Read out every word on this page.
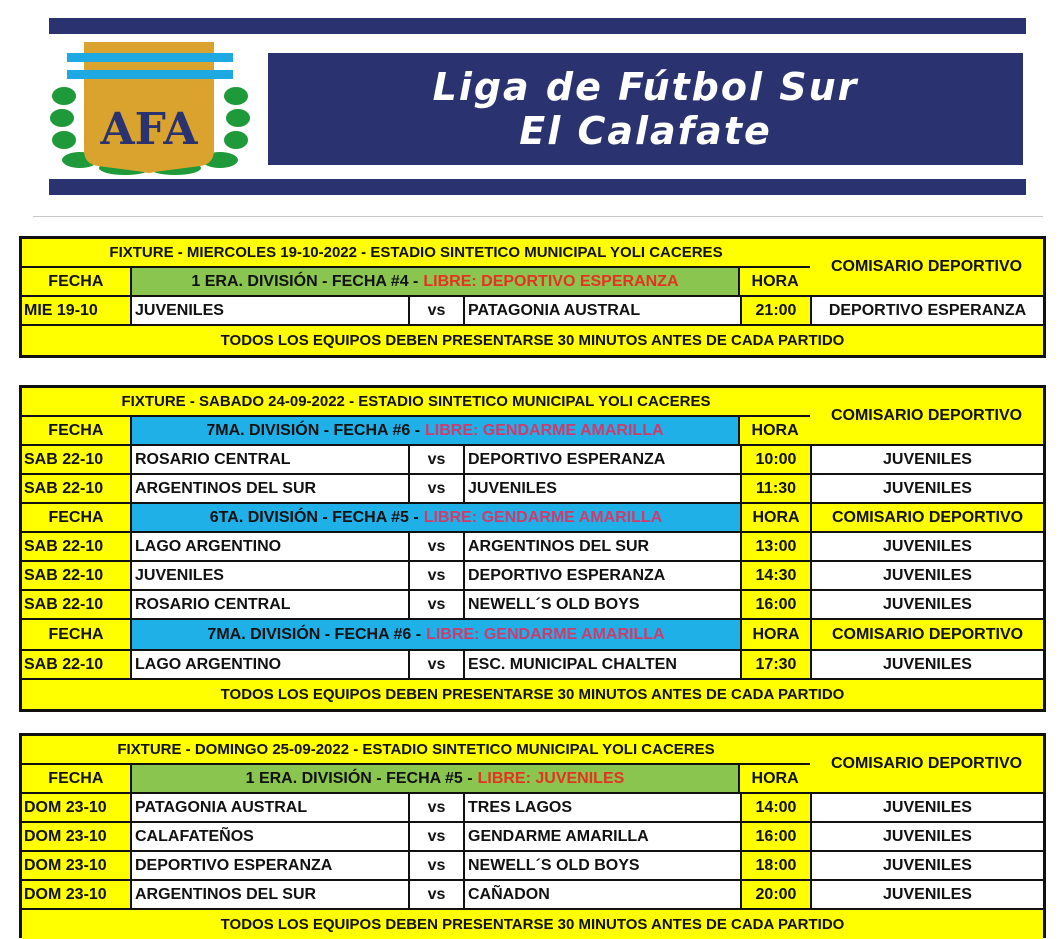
AFA
Liga de Fútbol Sur
El Calafate
FIXTURE - MIERCOLES 19-10-2022 - ESTADIO SINTETICO MUNICIPAL YOLI CACERES
FECHA	1 ERA. DIVISIÓN - FECHA #4 - LIBRE: DEPORTIVO ESPERANZA	HORA
COMISARIO DEPORTIVO
MIE 19-10	JUVENILES	vs	PATAGONIA AUSTRAL	21:00	DEPORTIVO ESPERANZA
TODOS LOS EQUIPOS DEBEN PRESENTARSE 30 MINUTOS ANTES DE CADA PARTIDO
FIXTURE - SABADO 24-09-2022 - ESTADIO SINTETICO MUNICIPAL YOLI CACERES
FECHA	7MA. DIVISIÓN - FECHA #6 - LIBRE: GENDARME AMARILLA	HORA
COMISARIO DEPORTIVO
SAB 22-10	ROSARIO CENTRAL	vs	DEPORTIVO ESPERANZA	10:00	JUVENILES
SAB 22-10	ARGENTINOS DEL SUR	vs	JUVENILES	11:30	JUVENILES
FECHA	6TA. DIVISIÓN - FECHA #5 - LIBRE: GENDARME AMARILLA	HORA	COMISARIO DEPORTIVO
SAB 22-10	LAGO ARGENTINO	vs	ARGENTINOS DEL SUR	13:00	JUVENILES
SAB 22-10	JUVENILES	vs	DEPORTIVO ESPERANZA	14:30	JUVENILES
SAB 22-10	ROSARIO CENTRAL	vs	NEWELL´S OLD BOYS	16:00	JUVENILES
FECHA	7MA. DIVISIÓN - FECHA #6 - LIBRE: GENDARME AMARILLA	HORA	COMISARIO DEPORTIVO
SAB 22-10	LAGO ARGENTINO	vs	ESC. MUNICIPAL CHALTEN	17:30	JUVENILES
TODOS LOS EQUIPOS DEBEN PRESENTARSE 30 MINUTOS ANTES DE CADA PARTIDO
FIXTURE - DOMINGO 25-09-2022 - ESTADIO SINTETICO MUNICIPAL YOLI CACERES
FECHA	1 ERA. DIVISIÓN - FECHA #5 - LIBRE: JUVENILES	HORA
COMISARIO DEPORTIVO
DOM 23-10	PATAGONIA AUSTRAL	vs	TRES LAGOS	14:00	JUVENILES
DOM 23-10	CALAFATEÑOS	vs	GENDARME AMARILLA	16:00	JUVENILES
DOM 23-10	DEPORTIVO ESPERANZA	vs	NEWELL´S OLD BOYS	18:00	JUVENILES
DOM 23-10	ARGENTINOS DEL SUR	vs	CAÑADON	20:00	JUVENILES
TODOS LOS EQUIPOS DEBEN PRESENTARSE 30 MINUTOS ANTES DE CADA PARTIDO
